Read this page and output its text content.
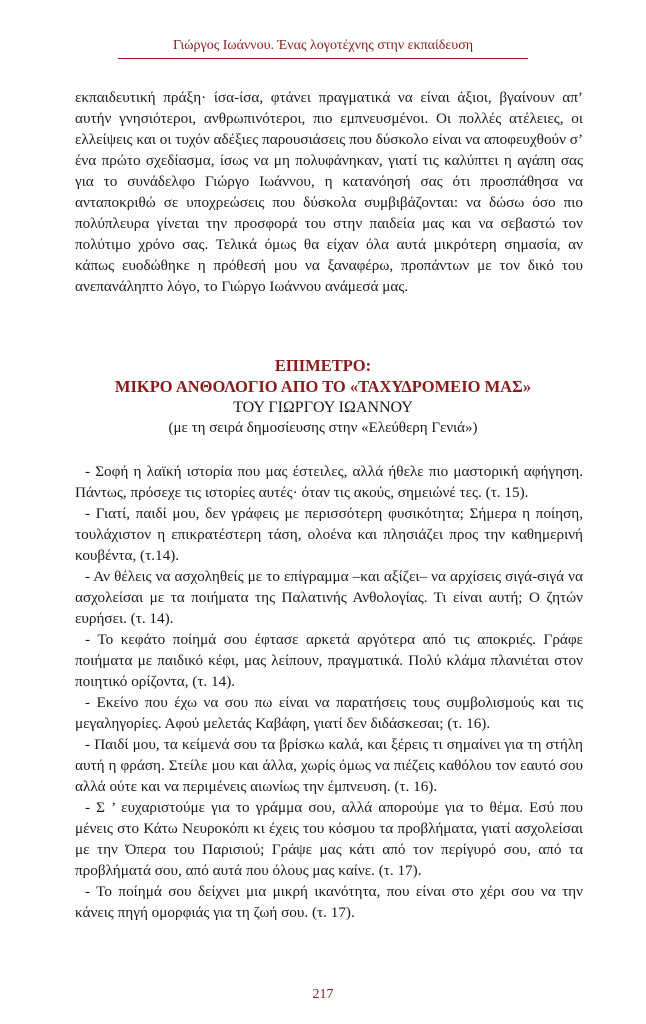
Γιώργος Ιωάννου. Ένας λογοτέχνης στην εκπαίδευση

εκπαιδευτική πράξη· ίσα-ίσα, φτάνει πραγματικά να είναι άξιοι, βγαίνουν απ’ αυτήν γνησιότεροι, ανθρωπινότεροι, πιο εμπνευσμένοι. Οι πολλές ατέλειες, οι ελλείψεις και οι τυχόν αδέξιες παρουσιάσεις που δύσκολο είναι να αποφευχθούν σ’ ένα πρώτο σχεδίασμα, ίσως να μη πολυφάνηκαν, γιατί τις καλύπτει η αγάπη σας για το συνάδελφο Γιώργο Ιωάννου, η κατανόησή σας ότι προσπάθησα να ανταποκριθώ σε υποχρεώσεις που δύσκολα συμβιβάζονται: να δώσω όσο πιο πολύπλευρα γίνεται την προσφορά του στην παιδεία μας και να σεβαστώ τον πολύτιμο χρόνο σας. Τελικά όμως θα είχαν όλα αυτά μικρότερη σημασία, αν κάπως ευοδώθηκε η πρόθεσή μου να ξαναφέρω, προπάντων με τον δικό του ανεπανάληπτο λόγο, το Γιώργο Ιωάννου ανάμεσά μας.

ΕΠΙΜΕΤΡΟ:
ΜΙΚΡΟ ΑΝΘΟΛΟΓΙΟ ΑΠΟ ΤΟ «ΤΑΧΥΔΡΟΜΕΙΟ ΜΑΣ»
ΤΟΥ ΓΙΩΡΓΟΥ ΙΩΑΝΝΟΥ
(με τη σειρά δημοσίευσης στην «Ελεύθερη Γενιά»)

- Σοφή η λαϊκή ιστορία που μας έστειλες, αλλά ήθελε πιο μαστορική αφήγηση. Πάντως, πρόσεχε τις ιστορίες αυτές· όταν τις ακούς, σημειώνέ τες. (τ. 15).

- Γιατί, παιδί μου, δεν γράφεις με περισσότερη φυσικότητα; Σήμερα η ποίηση, τουλάχιστον η επικρατέστερη τάση, ολοένα και πλησιάζει προς την καθημερινή κουβέντα, (τ.14).

- Αν θέλεις να ασχοληθείς με το επίγραμμα –και αξίζει– να αρχίσεις σιγά-σιγά να ασχολείσαι με τα ποιήματα της Παλατινής Ανθολογίας. Τι είναι αυτή; Ο ζητών ευρήσει. (τ. 14).

- Το κεφάτο ποίημά σου έφτασε αρκετά αργότερα από τις αποκριές. Γράφε ποιήματα με παιδικό κέφι, μας λείπουν, πραγματικά. Πολύ κλάμα πλανιέται στον ποιητικό ορίζοντα, (τ. 14).

- Εκείνο που έχω να σου πω είναι να παρατήσεις τους συμβολισμούς και τις μεγαληγορίες. Αφού μελετάς Καβάφη, γιατί δεν διδάσκεσαι; (τ. 16).

- Παιδί μου, τα κείμενά σου τα βρίσκω καλά, και ξέρεις τι σημαίνει για τη στήλη αυτή η φράση. Στείλε μου και άλλα, χωρίς όμως να πιέζεις καθόλου τον εαυτό σου αλλά ούτε και να περιμένεις αιωνίως την έμπνευση. (τ. 16).

- Σ ’ ευχαριστούμε για το γράμμα σου, αλλά απορούμε για το θέμα. Εσύ που μένεις στο Κάτω Νευροκόπι κι έχεις του κόσμου τα προβλήματα, γιατί ασχολείσαι με την Όπερα του Παρισιού; Γράψε μας κάτι από τον περίγυρό σου, από τα προβλήματά σου, από αυτά που όλους μας καίνε. (τ. 17).

- Το ποίημά σου δείχνει μια μικρή ικανότητα, που είναι στο χέρι σου να την κάνεις πηγή ομορφιάς για τη ζωή σου. (τ. 17).

217
